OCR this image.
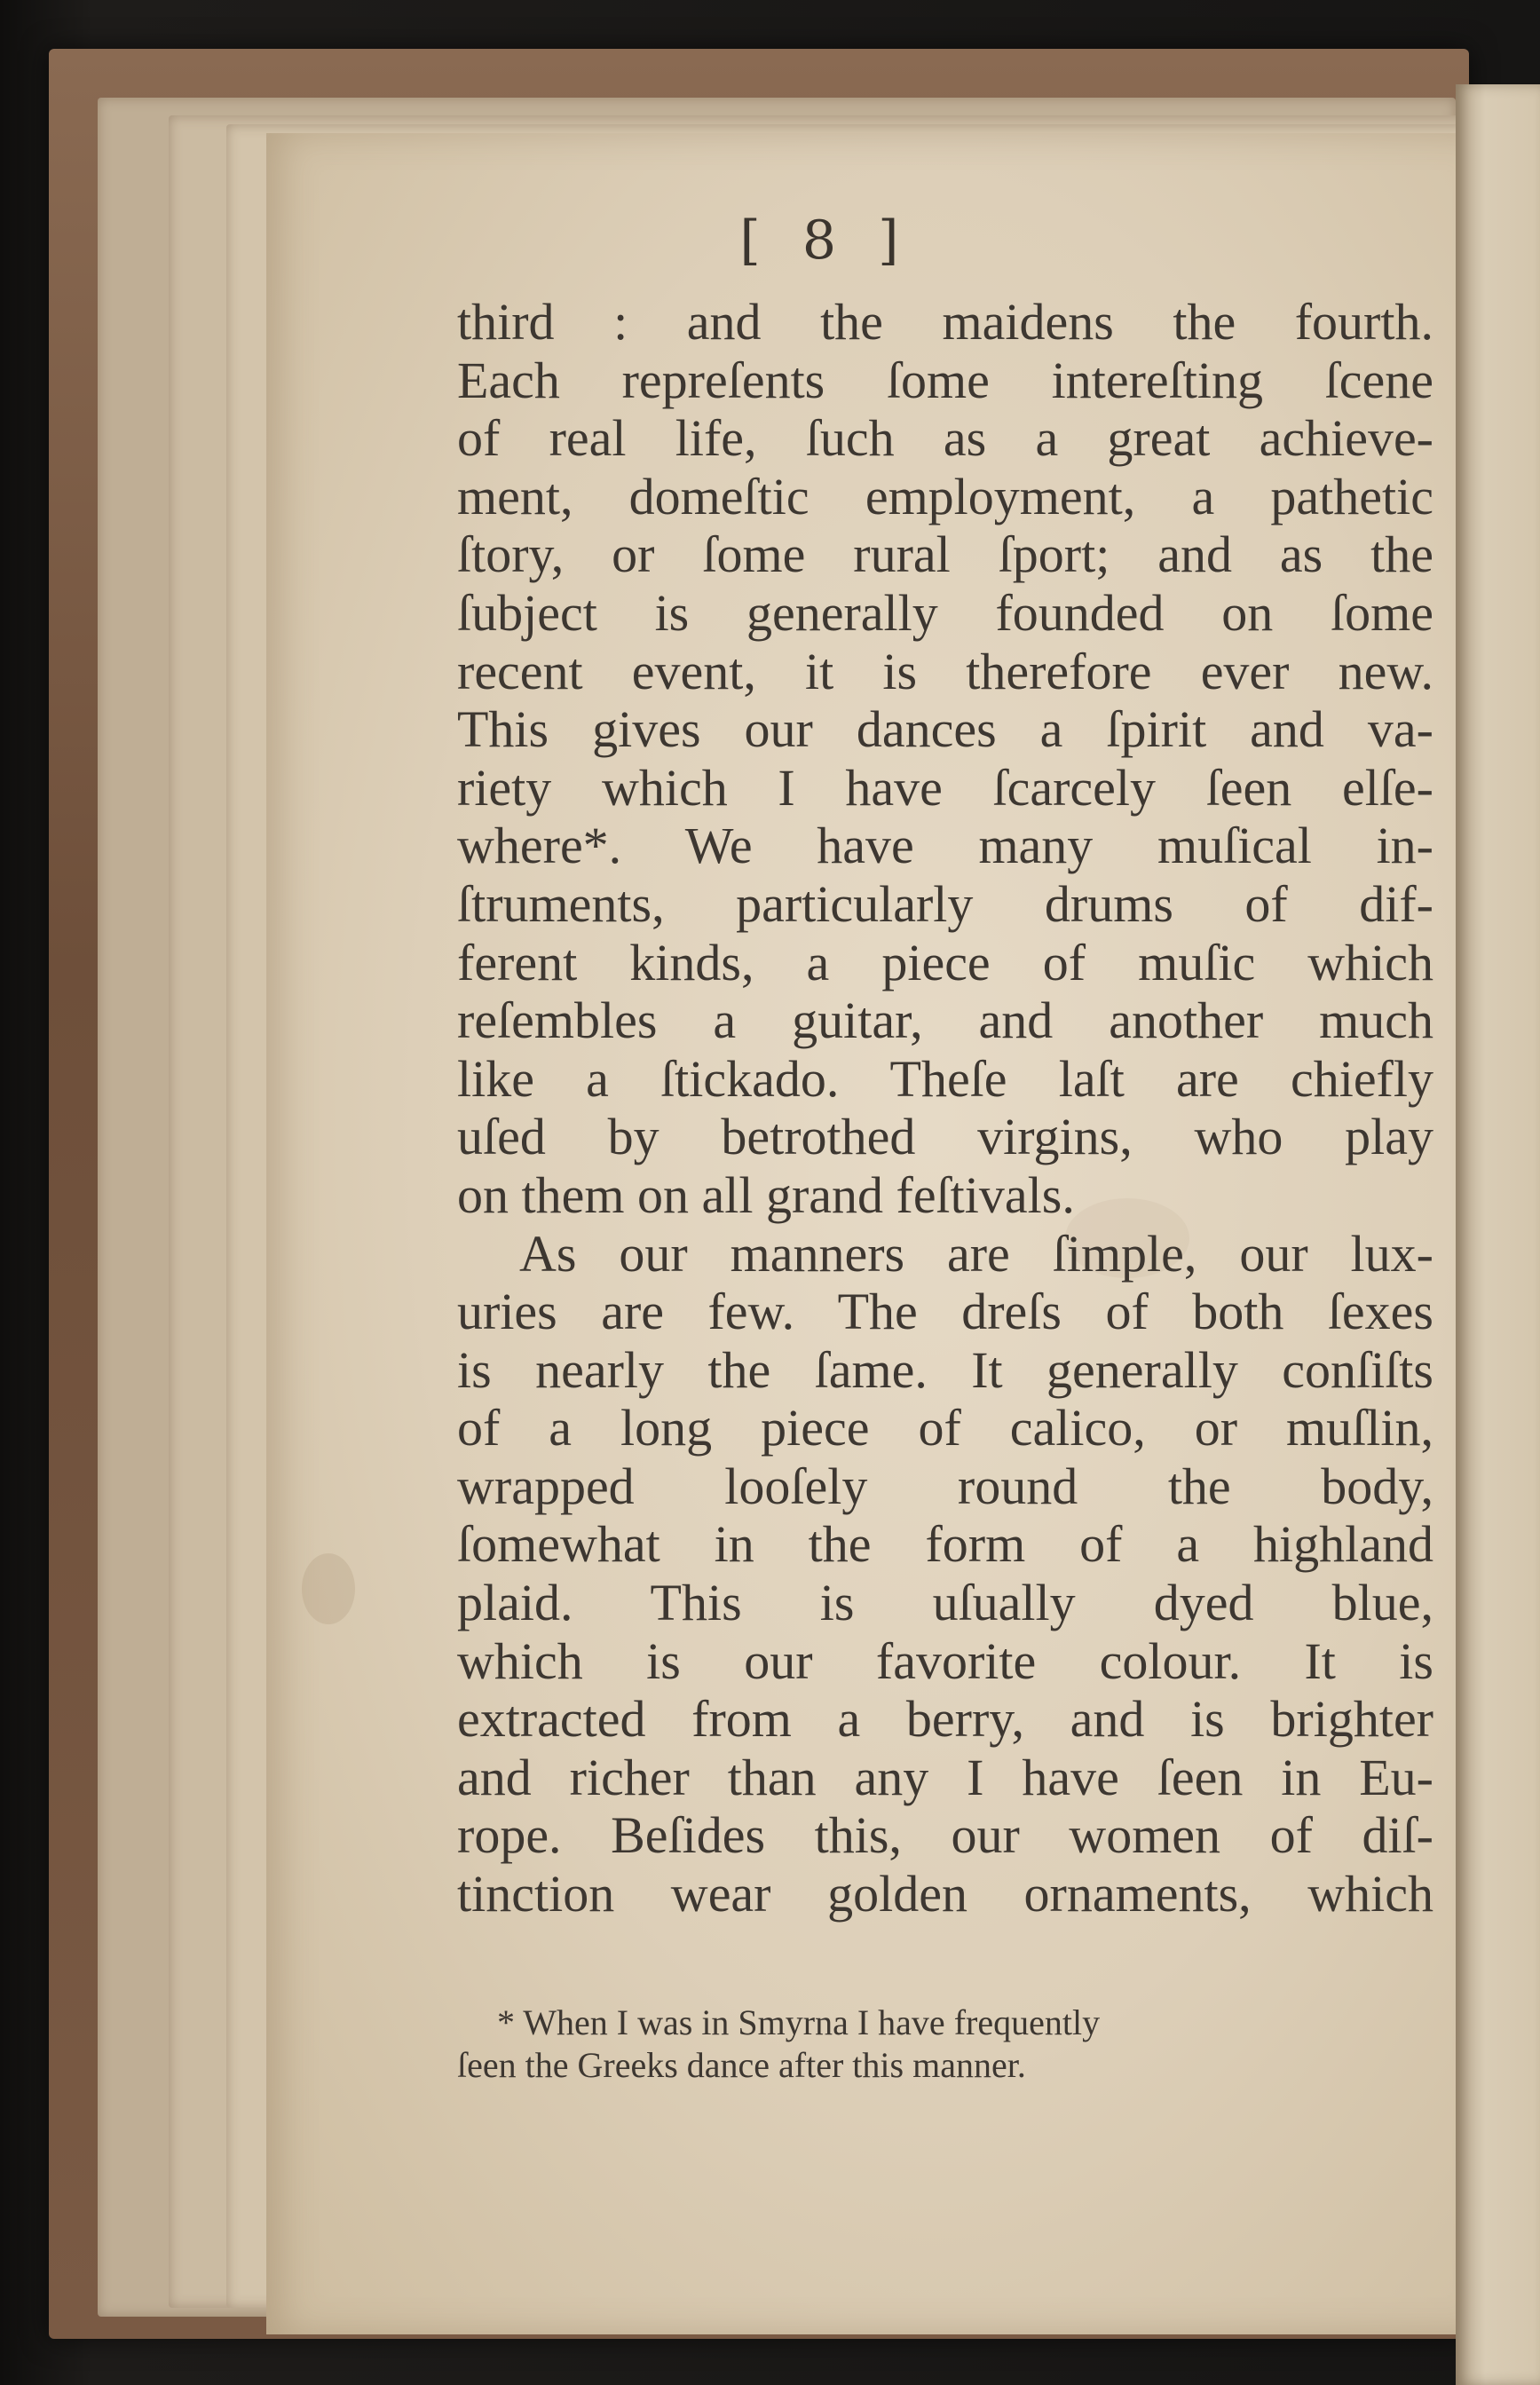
[ 8 ]
third : and the maidens the fourth.
Each repreſents ſome intereſting ſcene
of real life, ſuch as a great achieve-
ment, domeſtic employment, a pathetic
ſtory, or ſome rural ſport; and as the
ſubject is generally founded on ſome
recent event, it is therefore ever new.
This gives our dances a ſpirit and va-
riety which I have ſcarcely ſeen elſe-
where*. We have many muſical in-
ſtruments, particularly drums of dif-
ferent kinds, a piece of muſic which
reſembles a guitar, and another much
like a ſtickado. Theſe laſt are chiefly
uſed by betrothed virgins, who play
on them on all grand feſtivals.
As our manners are ſimple, our lux-
uries are few. The dreſs of both ſexes
is nearly the ſame. It generally conſiſts
of a long piece of calico, or muſlin,
wrapped looſely round the body,
ſomewhat in the form of a highland
plaid. This is uſually dyed blue,
which is our favorite colour. It is
extracted from a berry, and is brighter
and richer than any I have ſeen in Eu-
rope. Beſides this, our women of diſ-
tinction wear golden ornaments, which
* When I was in Smyrna I have frequently
ſeen the Greeks dance after this manner.
